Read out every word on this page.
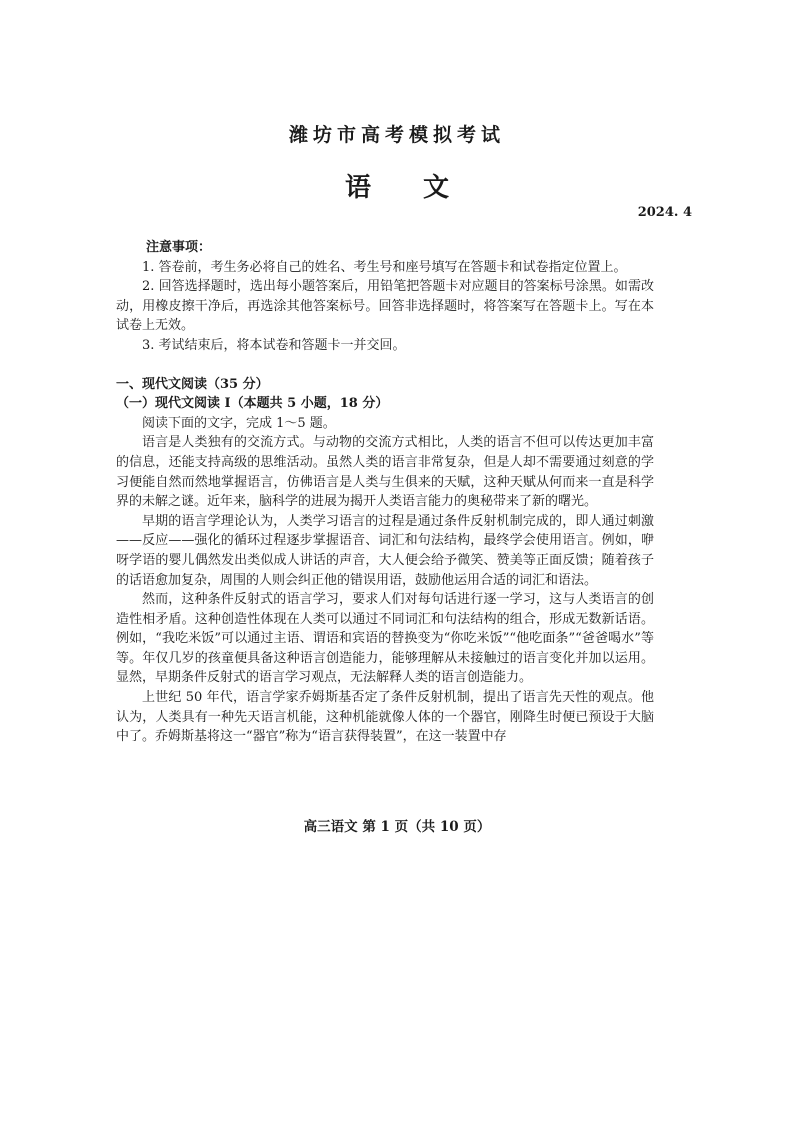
潍坊市高考模拟考试
语文
2024. 4

注意事项：

1. 答卷前，考生务必将自己的姓名、考生号和座号填写在答题卡和试卷指定位置上。

2. 回答选择题时，选出每小题答案后，用铅笔把答题卡对应题目的答案标号涂黑。如需改动，用橡皮擦干净后，再选涂其他答案标号。回答非选择题时，将答案写在答题卡上。写在本试卷上无效。

3. 考试结束后，将本试卷和答题卡一并交回。

一、现代文阅读（35 分）

（一）现代文阅读 I（本题共 5 小题，18 分）

阅读下面的文字，完成 1～5 题。

语言是人类独有的交流方式。与动物的交流方式相比，人类的语言不但可以传达更加丰富的信息，还能支持高级的思维活动。虽然人类的语言非常复杂，但是人却不需要通过刻意的学习便能自然而然地掌握语言，仿佛语言是人类与生俱来的天赋，这种天赋从何而来一直是科学界的未解之谜。近年来，脑科学的进展为揭开人类语言能力的奥秘带来了新的曙光。

早期的语言学理论认为，人类学习语言的过程是通过条件反射机制完成的，即人通过刺激——反应——强化的循环过程逐步掌握语音、词汇和句法结构，最终学会使用语言。例如，咿呀学语的婴儿偶然发出类似成人讲话的声音，大人便会给予微笑、赞美等正面反馈；随着孩子的话语愈加复杂，周围的人则会纠正他的错误用语，鼓励他运用合适的词汇和语法。

然而，这种条件反射式的语言学习，要求人们对每句话进行逐一学习，这与人类语言的创造性相矛盾。这种创造性体现在人类可以通过不同词汇和句法结构的组合，形成无数新话语。例如，“我吃米饭”可以通过主语、谓语和宾语的替换变为“你吃米饭”“他吃面条”“爸爸喝水”等等。年仅几岁的孩童便具备这种语言创造能力，能够理解从未接触过的语言变化并加以运用。显然，早期条件反射式的语言学习观点，无法解释人类的语言创造能力。

上世纪 50 年代，语言学家乔姆斯基否定了条件反射机制，提出了语言先天性的观点。他认为，人类具有一种先天语言机能，这种机能就像人体的一个器官，刚降生时便已预设于大脑中了。乔姆斯基将这一“器官”称为“语言获得装置”，在这一装置中存

高三语文 第 1 页（共 10 页）
